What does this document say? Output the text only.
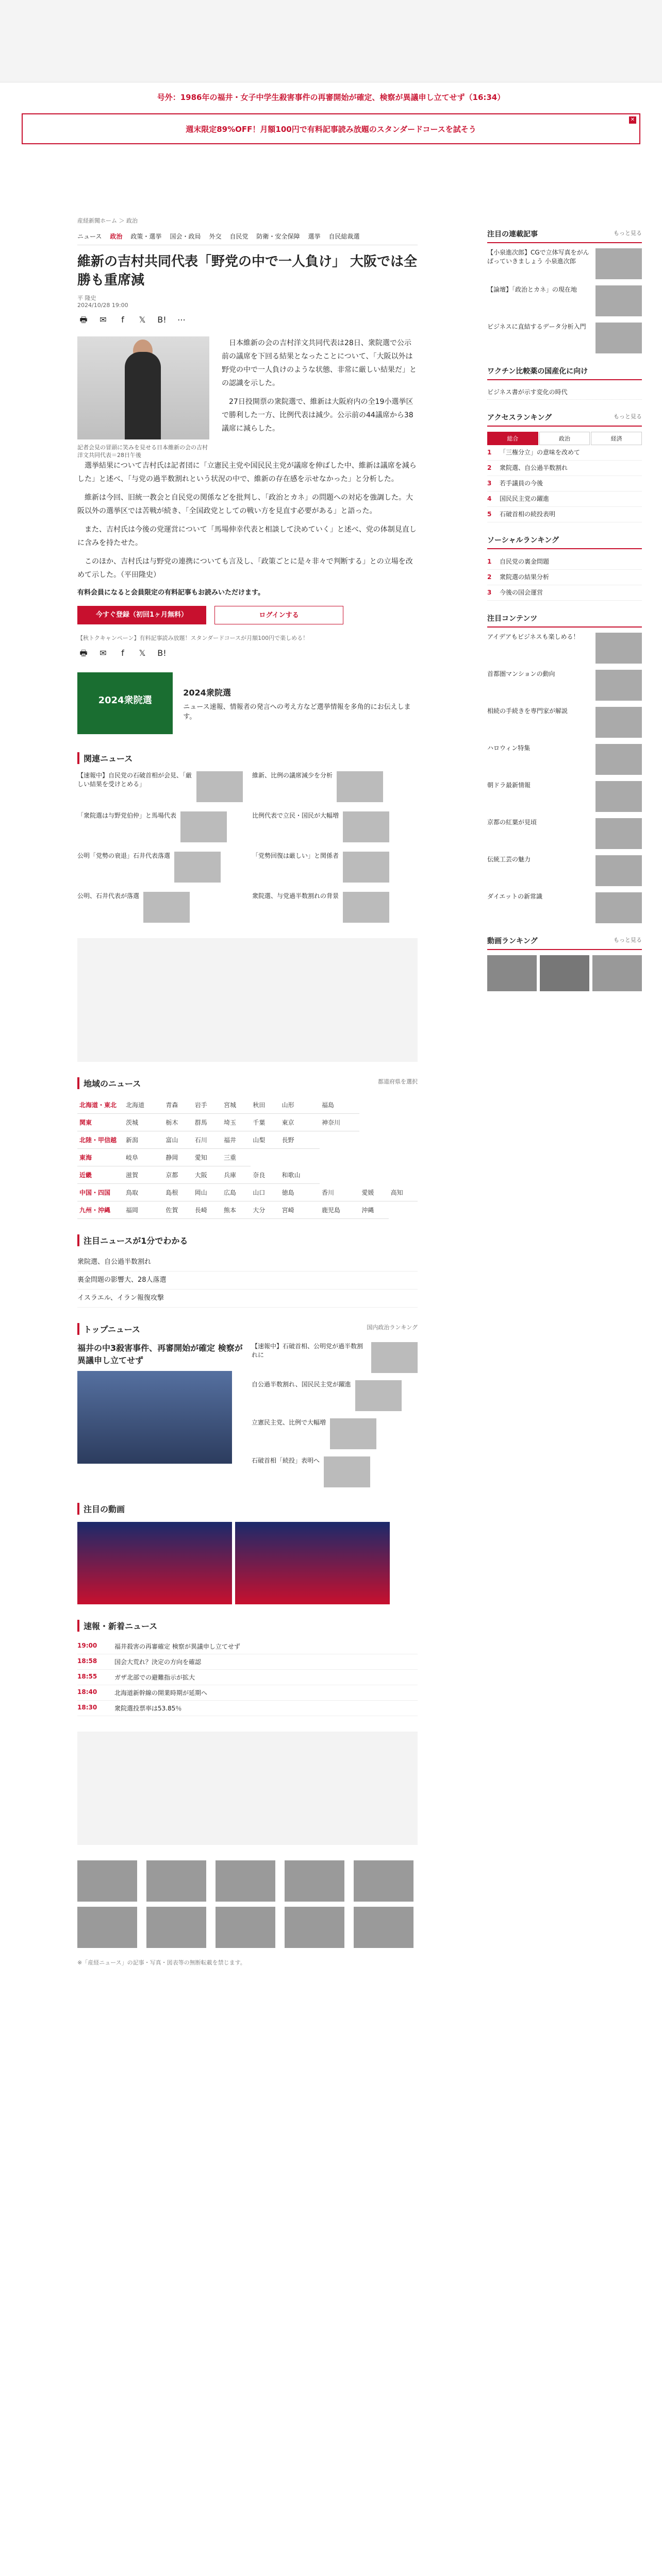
号外：1986年の福井・女子中学生殺害事件の再審開始が確定、検察が異議申し立てせず（16:34）
週末限定89%OFF！月額100円で有料記事読み放題のスタンダードコースを試そう
✕
産経新聞ホーム ＞ 政治
ニュース 政治 政策・選挙 国会・政局 外交 自民党 防衛・安全保障 選挙 自民総裁選
維新の吉村共同代表「野党の中で一人負け」 大阪では全勝も重席減
平 隆史
2024/10/28 19:00
🖶	✉	f	𝕏	B! ⋯

日本維新の会の吉村洋文共同代表は28日、衆院選で公示前の議席を下回る結果となったことについて、「大阪以外は野党の中で一人負けのような状態、非常に厳しい結果だ」との認識を示した。

27日投開票の衆院選で、維新は大阪府内の全19小選挙区で勝利した一方、比例代表は減少。公示前の44議席から38議席に減らした。

記者会見の冒頭に笑みを見せる日本維新の会の吉村洋文共同代表＝28日午後

選挙結果について吉村氏は記者団に「立憲民主党や国民民主党が議席を伸ばした中、維新は議席を減らした」と述べ、「与党の過半数割れという状況の中で、維新の存在感を示せなかった」と分析した。

維新は今回、旧統一教会と自民党の関係などを批判し、「政治とカネ」の問題への対応を強調した。大阪以外の選挙区では苦戦が続き、「全国政党としての戦い方を見直す必要がある」と語った。

また、吉村氏は今後の党運営について「馬場伸幸代表と相談して決めていく」と述べ、党の体制見直しに含みを持たせた。

このほか、吉村氏は与野党の連携についても言及し、「政策ごとに是々非々で判断する」との立場を改めて示した。（平田隆史）

有料会員になると会員限定の有料記事もお読みいただけます。
今すぐ登録（初回1ヶ月無料）	ログインする
【秋トクキャンペーン】有料記事読み放題！スタンダードコースが月額100円で楽しめる！
🖶	✉	f	𝕏	B!
2024衆院選
2024衆院選
ニュース速報、情報者の発言への考え方など選挙情報を多角的にお伝えします。
関連ニュース
【速報中】自民党の石破首相が会見、「厳しい結果を受けとめる」
維新、比例の議席減少を分析
「衆院選は与野党伯仲」と馬場代表	比例代表で立民・国民が大幅増
公明「党勢の衰退」石井代表落選	「党勢回復は厳しい」と関係者
公明、石井代表が落選	衆院選、与党過半数割れの背景
地域のニュース	都道府県を選択
北海道・東北	北海道	青森	岩手	宮城	秋田	山形	福島		
関東	茨城	栃木	群馬	埼玉	千葉	東京	神奈川		
北陸・甲信越	新潟	富山	石川	福井	山梨	長野			
東海	岐阜	静岡	愛知	三重					
近畿	滋賀	京都	大阪	兵庫	奈良	和歌山			
中国・四国	鳥取	島根	岡山	広島	山口	徳島	香川	愛媛	高知
九州・沖縄	福岡	佐賀	長崎	熊本	大分	宮崎	鹿児島	沖縄	
注目ニュースが1分でわかる
衆院選、自公過半数割れ
裏金問題の影響大、28人落選
イスラエル、イラン報復攻撃
トップニュース	国内政治ランキング
福井の中3殺害事件、再審開始が確定 検察が異議申し立てせず
【速報中】石破首相、公明党が過半数割れに
自公過半数割れ、国民民主党が躍進
立憲民主党、比例で大幅増
石破首相「続投」表明へ
注目の動画
速報・新着ニュース
19:00	福井殺害の再審確定 検察が異議申し立てせず
18:58	国会大荒れ？決定の方向を確認
18:55	ガザ北部での避難指示が拡大
18:40	北海道新幹線の開業時期が延期へ
18:30	衆院選投票率は53.85％
※「産経ニュース」の記事・写真・図表等の無断転載を禁じます。
注目の連載記事	もっと見る
【小泉進次郎】CGで立体写真をがんばっていきましょう 小泉進次郎
【論壇】「政治とカネ」の現在地
ビジネスに直結するデータ分析入門
ワクチン比較薬の国産化に向け
ビジネス書が示す変化の時代
アクセスランキング	もっと見る
総合	政治	経済
1	「三権分立」の意味を改めて
2	衆院選、自公過半数割れ
3	若手議員の今後
4	国民民主党の躍進
5	石破首相の続投表明
ソーシャルランキング
1	自民党の裏金問題
2	衆院選の結果分析
3	今後の国会運営
注目コンテンツ
アイデアもビジネスも楽しめる！
首都圏マンションの動向
相続の手続きを専門家が解説
ハロウィン特集
朝ドラ最新情報
京都の紅葉が見頃
伝統工芸の魅力
ダイエットの新常識
動画ランキング	もっと見る
